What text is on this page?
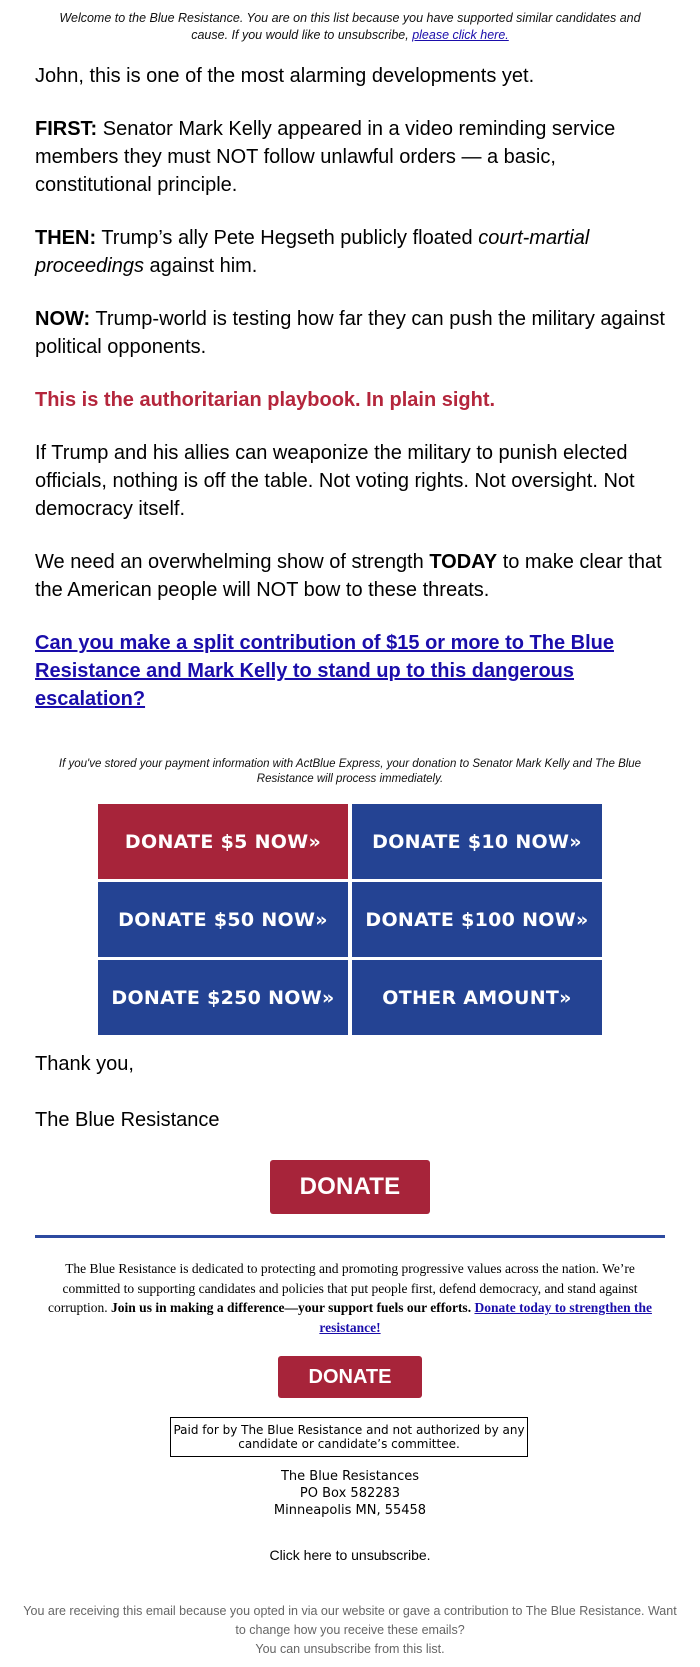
Welcome to the Blue Resistance. You are on this list because you have supported similar candidates and cause. If you would like to unsubscribe, please click here.

John, this is one of the most alarming developments yet.

FIRST: Senator Mark Kelly appeared in a video reminding service members they must NOT follow unlawful orders — a basic, constitutional principle.

THEN: Trump’s ally Pete Hegseth publicly floated court-martial proceedings against him.

NOW: Trump-world is testing how far they can push the military against political opponents.

This is the authoritarian playbook. In plain sight.

If Trump and his allies can weaponize the military to punish elected officials, nothing is off the table. Not voting rights. Not oversight. Not democracy itself.

We need an overwhelming show of strength TODAY to make clear that the American people will NOT bow to these threats.

Can you make a split contribution of $15 or more to The Blue Resistance and Mark Kelly to stand up to this dangerous escalation?

If you've stored your payment information with ActBlue Express, your donation to Senator Mark Kelly and The Blue Resistance will process immediately.
DONATE $5 NOW»	DONATE $10 NOW»
DONATE $50 NOW»	DONATE $100 NOW»
DONATE $250 NOW»	OTHER AMOUNT»

Thank you,

The Blue Resistance

DONATE
The Blue Resistance is dedicated to protecting and promoting progressive values across the nation. We’re committed to supporting candidates and policies that put people first, defend democracy, and stand against corruption. Join us in making a difference—your support fuels our efforts. Donate today to strengthen the resistance!
DONATE
Paid for by The Blue Resistance and not authorized by any candidate or candidate’s committee.
The Blue Resistances
PO Box 582283
Minneapolis MN, 55458
Click here to unsubscribe.
You are receiving this email because you opted in via our website or gave a contribution to The Blue Resistance. Want to change how you receive these emails?
You can unsubscribe from this list.
